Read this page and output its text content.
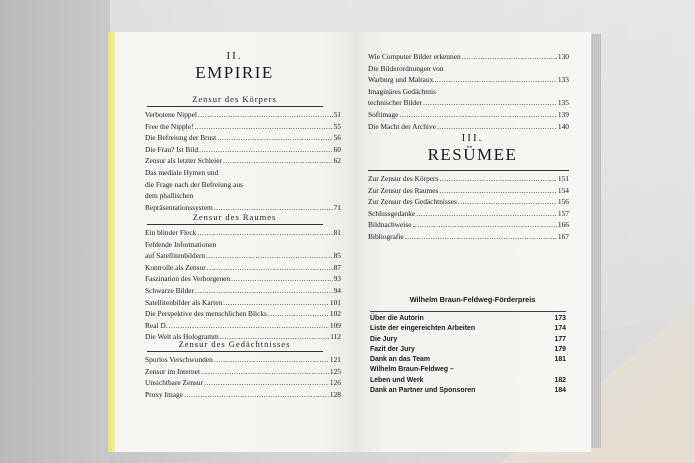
II.
EMPIRIE
Zensur des Körpers
Verbotene Nippel .....	51
Free the Nipple! .....	55
Die Befreiung der Brust .....	56
Die Frau? Ist Bild .....	60
Zensur als letzter Schleier .....	62
Das mediale Hymen und
die Frage nach der Befreiung aus
dem phallischen
Repräsentationssystem .....	71
Zensur des Raumes
Ein blinder Fleck .....	81
Fehlende Informationen
auf Satellitenbildern .....	85
Kontrolle als Zensur .....	87
Faszination des Verborgenen .....	93
Schwarze Bilder .....	94
Satellitenbilder als Karten .....	101
Die Perspektive des menschlichen Blicks .....	102
Real D. .....	109
Die Welt als Hologramm .....	112
Zensur des Gedächtnisses
Spurlos Verschwunden .....	121
Zensur im Internet .....	125
Unsichtbare Zensur .....	126
Proxy Image .....	128
Wie Computer Bilder erkennen .....	130
Die Bilderordnungen von
Warburg und Malraux .....	133
Imaginäres Gedächtnis
technischer Bilder .....	135
Softimage .....	139
Die Macht der Archive .....	140
III.
RESÜMEE
Zur Zensur des Körpers .....	151
Zur Zensur des Raumes .....	154
Zur Zensur des Gedächtnisses .....	156
Schlussgedanke .....	157
Bildnachweise .....	166
Bibliografie .....	167
Wilhelm Braun-Feldweg-Förderpreis
Über die Autorin	173
Liste der eingereichten Arbeiten	174
Die Jury	177
Fazit der Jury	179
Dank an das Team	181
Wilhelm Braun-Feldweg –
Leben und Werk	182
Dank an Partner und Sponsoren	184
